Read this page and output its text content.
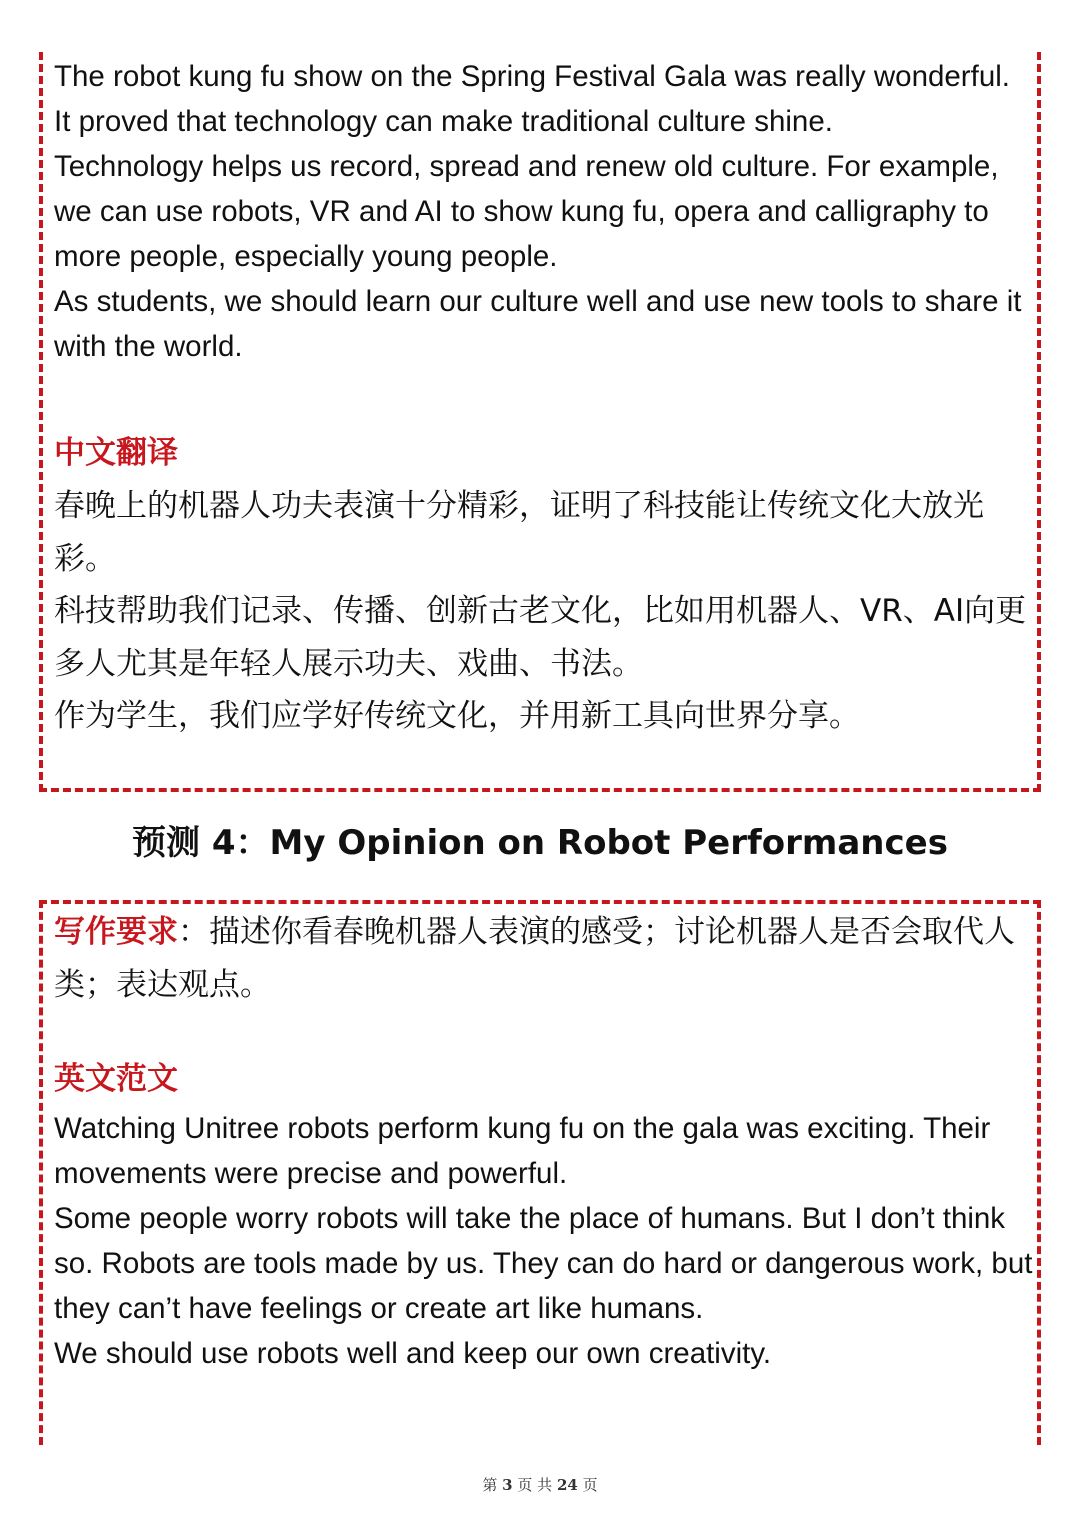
The robot kung fu show on the Spring Festival Gala was really wonderful. It proved that technology can make traditional culture shine.

Technology helps us record, spread and renew old culture. For example, we can use robots, VR and AI to show kung fu, opera and calligraphy to more people, especially young people.

As students, we should learn our culture well and use new tools to share it with the world.

中文翻译

春晚上的机器人功夫表演十分精彩，证明了科技能让传统文化大放光彩。

科技帮助我们记录、传播、创新古老文化，比如用机器人、VR、AI向更多人尤其是年轻人展示功夫、戏曲、书法。

作为学生，我们应学好传统文化，并用新工具向世界分享。

预测 4：My Opinion on Robot Performances

写作要求：描述你看春晚机器人表演的感受；讨论机器人是否会取代人类；表达观点。

英文范文

Watching Unitree robots perform kung fu on the gala was exciting. Their movements were precise and powerful.

Some people worry robots will take the place of humans. But I don’t think so. Robots are tools made by us. They can do hard or dangerous work, but they can’t have feelings or create art like humans.

We should use robots well and keep our own creativity.

第 3 页 共 24 页
